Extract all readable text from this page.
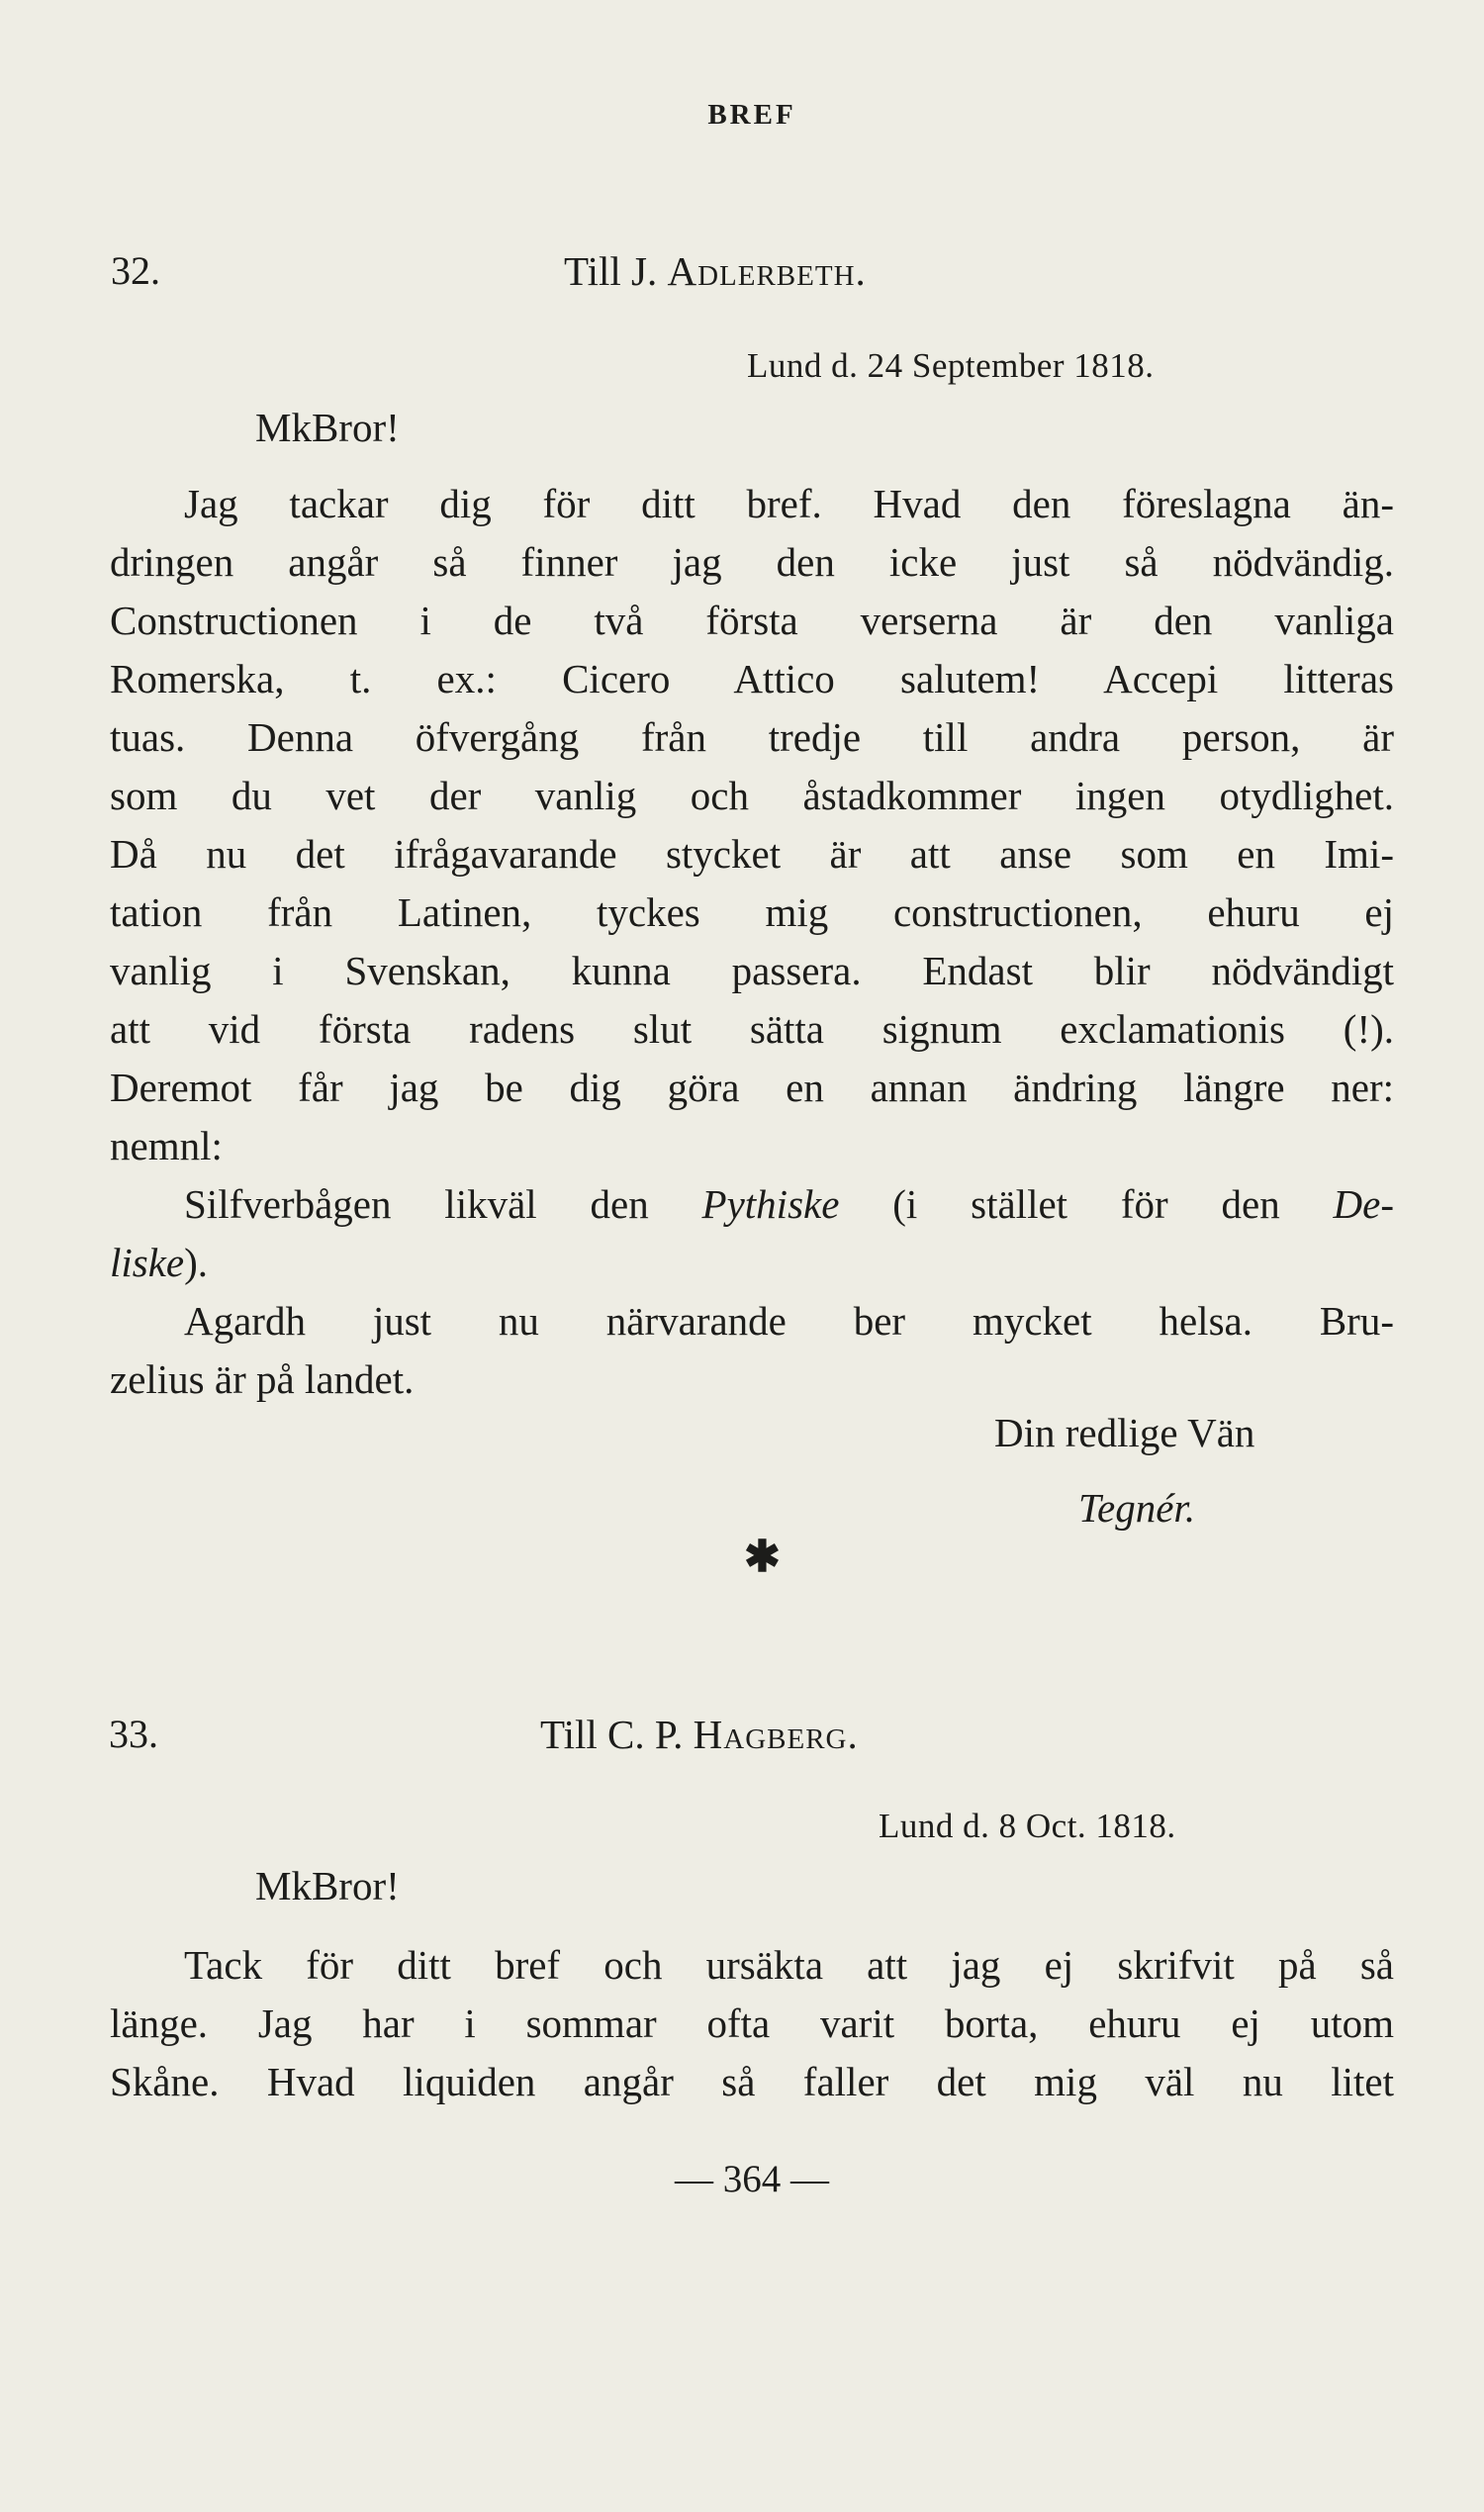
BREF
32.	Till J. Adlerbeth.
Lund d. 24 September 1818.
MkBror!
Jag tackar dig för ditt bref. Hvad den föreslagna än-
dringen angår så finner jag den icke just så nödvändig.
Constructionen i de två första verserna är den vanliga
Romerska, t. ex.: Cicero Attico salutem! Accepi litteras
tuas. Denna öfvergång från tredje till andra person, är
som du vet der vanlig och åstadkommer ingen otydlighet.
Då nu det ifrågavarande stycket är att anse som en Imi-
tation från Latinen, tyckes mig constructionen, ehuru ej
vanlig i Svenskan, kunna passera. Endast blir nödvändigt
att vid första radens slut sätta signum exclamationis (!).
Deremot får jag be dig göra en annan ändring längre ner:
nemnl:
Silfverbågen likväl den Pythiske (i stället för den De-
liske).
Agardh just nu närvarande ber mycket helsa. Bru-
zelius är på landet.
Din redlige Vän
Tegnér.
✱
33.	Till C. P. Hagberg.
Lund d. 8 Oct. 1818.
MkBror!
Tack för ditt bref och ursäkta att jag ej skrifvit på så
länge. Jag har i sommar ofta varit borta, ehuru ej utom
Skåne. Hvad liquiden angår så faller det mig väl nu litet
— 364 —
